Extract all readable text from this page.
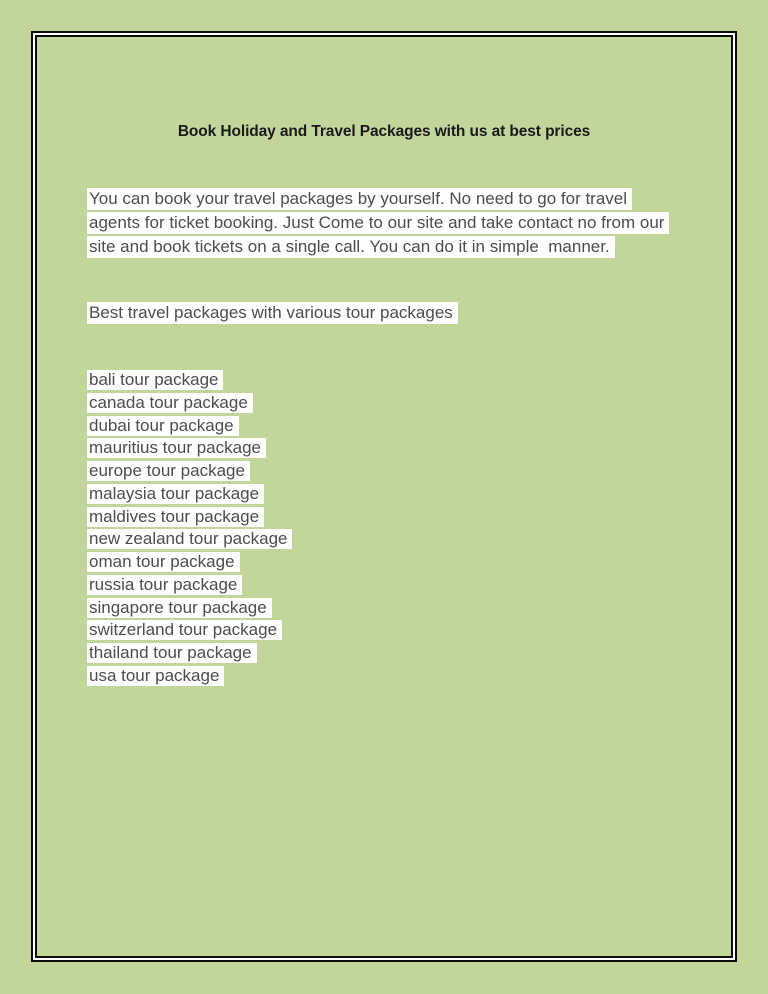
Book Holiday and Travel Packages with us at best prices
You can book your travel packages by yourself. No need to go for travel
agents for ticket booking. Just Come to our site and take contact no from our
site and book tickets on a single call. You can do it in simple  manner.
Best travel packages with various tour packages
bali tour package
canada tour package
dubai tour package
mauritius tour package
europe tour package
malaysia tour package
maldives tour package
new zealand tour package
oman tour package
russia tour package
singapore tour package
switzerland tour package
thailand tour package
usa tour package
